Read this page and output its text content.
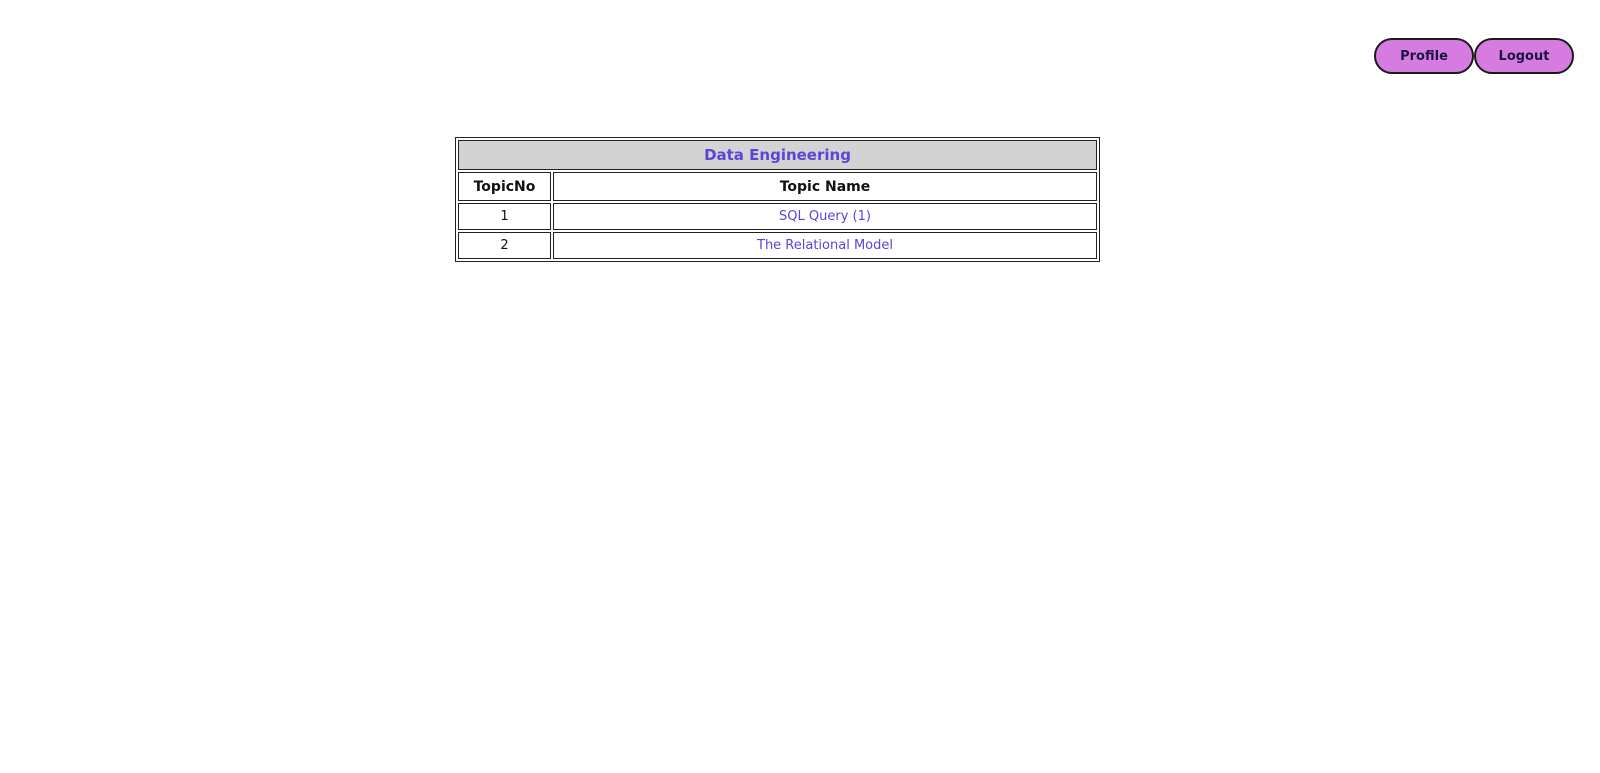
Profile	Logout
Data Engineering	
TopicNo	Topic Name
1	SQL Query (1)
2	The Relational Model
